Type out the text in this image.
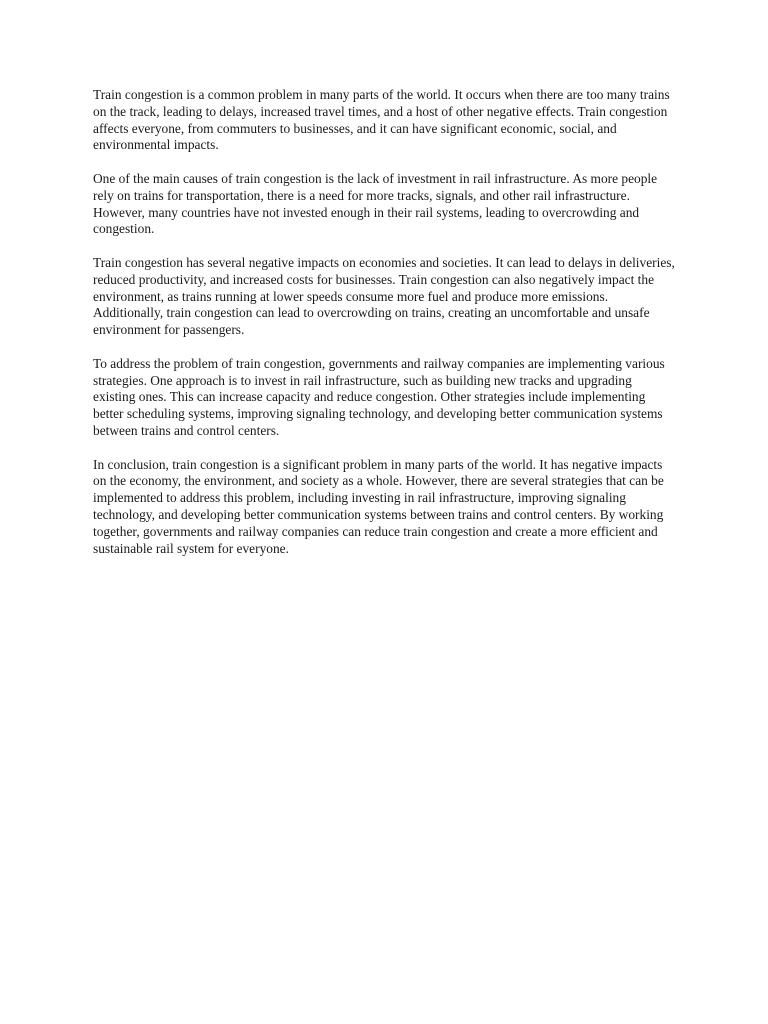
Train congestion is a common problem in many parts of the world. It occurs when there are too many trains on the track, leading to delays, increased travel times, and a host of other negative effects. Train congestion affects everyone, from commuters to businesses, and it can have significant economic, social, and environmental impacts.

One of the main causes of train congestion is the lack of investment in rail infrastructure. As more people rely on trains for transportation, there is a need for more tracks, signals, and other rail infrastructure. However, many countries have not invested enough in their rail systems, leading to overcrowding and congestion.

Train congestion has several negative impacts on economies and societies. It can lead to delays in deliveries, reduced productivity, and increased costs for businesses. Train congestion can also negatively impact the environment, as trains running at lower speeds consume more fuel and produce more emissions. Additionally, train congestion can lead to overcrowding on trains, creating an uncomfortable and unsafe environment for passengers.

To address the problem of train congestion, governments and railway companies are implementing various strategies. One approach is to invest in rail infrastructure, such as building new tracks and upgrading existing ones. This can increase capacity and reduce congestion. Other strategies include implementing better scheduling systems, improving signaling technology, and developing better communication systems between trains and control centers.

In conclusion, train congestion is a significant problem in many parts of the world. It has negative impacts on the economy, the environment, and society as a whole. However, there are several strategies that can be implemented to address this problem, including investing in rail infrastructure, improving signaling technology, and developing better communication systems between trains and control centers. By working together, governments and railway companies can reduce train congestion and create a more efficient and sustainable rail system for everyone.
